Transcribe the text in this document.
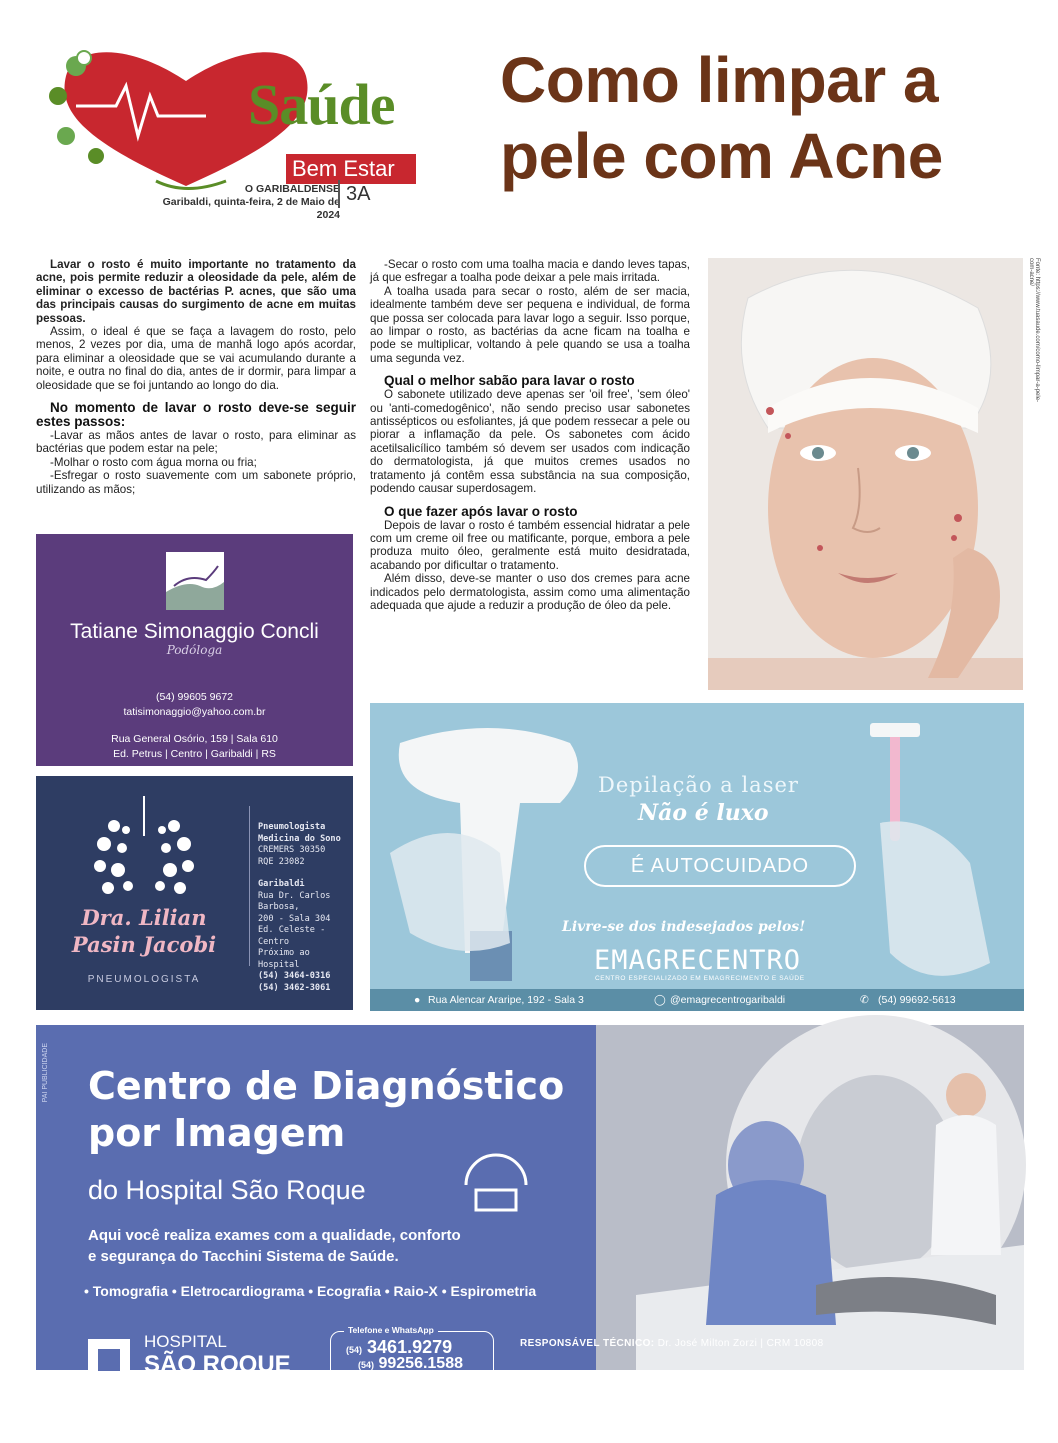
Saúde
& Bem Estar
O GARIBALDENSE
Garibaldi, quinta-feira, 2 de Maio de 2024
3A
Como limpar a pele com Acne

Lavar o rosto é muito importante no tratamento da acne, pois permite reduzir a oleosidade da pele, além de eliminar o excesso de bactérias P. acnes, que são uma das principais causas do surgimento de acne em muitas pessoas.

Assim, o ideal é que se faça a lavagem do rosto, pelo menos, 2 vezes por dia, uma de manhã logo após acordar, para eliminar a oleosidade que se vai acumulando durante a noite, e outra no final do dia, antes de ir dormir, para limpar a oleosidade que se foi juntando ao longo do dia.

No momento de lavar o rosto deve-se seguir estes passos:

-Lavar as mãos antes de lavar o rosto, para eliminar as bactérias que podem estar na pele;

-Molhar o rosto com água morna ou fria;

-Esfregar o rosto suavemente com um sabonete próprio, utilizando as mãos;

-Secar o rosto com uma toalha macia e dando leves tapas, já que esfregar a toalha pode deixar a pele mais irritada.

A toalha usada para secar o rosto, além de ser macia, idealmente também deve ser pequena e individual, de forma que possa ser colocada para lavar logo a seguir. Isso porque, ao limpar o rosto, as bactérias da acne ficam na toalha e pode se multiplicar, voltando à pele quando se usa a toalha uma segunda vez.

Qual o melhor sabão para lavar o rosto

O sabonete utilizado deve apenas ser 'oil free', 'sem óleo' ou 'anti-comedogênico', não sendo preciso usar sabonetes antissépticos ou esfoliantes, já que podem ressecar a pele ou piorar a inflamação da pele. Os sabonetes com ácido acetilsalicílico também só devem ser usados com indicação do dermatologista, já que muitos cremes usados no tratamento já contêm essa substância na sua composição, podendo causar superdosagem.

O que fazer após lavar o rosto

Depois de lavar o rosto é também essencial hidratar a pele com um creme oil free ou matificante, porque, embora a pele produza muito óleo, geralmente está muito desidratada, acabando por dificultar o tratamento.

Além disso, deve-se manter o uso dos cremes para acne indicados pelo dermatologista, assim como uma alimentação adequada que ajude a reduzir a produção de óleo da pele.

Fonte: https://www.tuasaude.com/como-limpar-a-pele-com-acne/
Tatiane Simonaggio Concli
Podóloga
(54) 99605 9672
tatisimonaggio@yahoo.com.br
Rua General Osório, 159 | Sala 610
Ed. Petrus | Centro | Garibaldi | RS
Dra. Lilian
Pasin Jacobi
PNEUMOLOGISTA
Pneumologista
Medicina do Sono
CREMERS 30350
RQE 23082
Garibaldi
Rua Dr. Carlos Barbosa,
200 - Sala 304
Ed. Celeste - Centro
Próximo ao Hospital
(54) 3464-0316
(54) 3462-3061
Depilação a laser
Não é luxo
É AUTOCUIDADO
Livre-se dos indesejados pelos!
EMAGRECENTRO
CENTRO ESPECIALIZADO EM EMAGRECIMENTO E SAÚDE
● Rua Alencar Araripe, 192 - Sala 3	◯ @emagrecentrogaribaldi	✆ (54) 99692-5613
PAI PUBLICIDADE Centro de Diagnóstico
por Imagem
do Hospital São Roque
Aqui você realiza exames com a qualidade, conforto
e segurança do Tacchini Sistema de Saúde.
• Tomografia • Eletrocardiograma • Ecografia • Raio-X • Espirometria
HOSPITAL
SÃO ROQUE
Telefone e WhatsApp
(54) 3461.9279
(54) 99256.1588
atendimento.hbsr@tacchini.com.br
RESPONSÁVEL TÉCNICO: Dr. José Milton Zorzi | CRM 10808
